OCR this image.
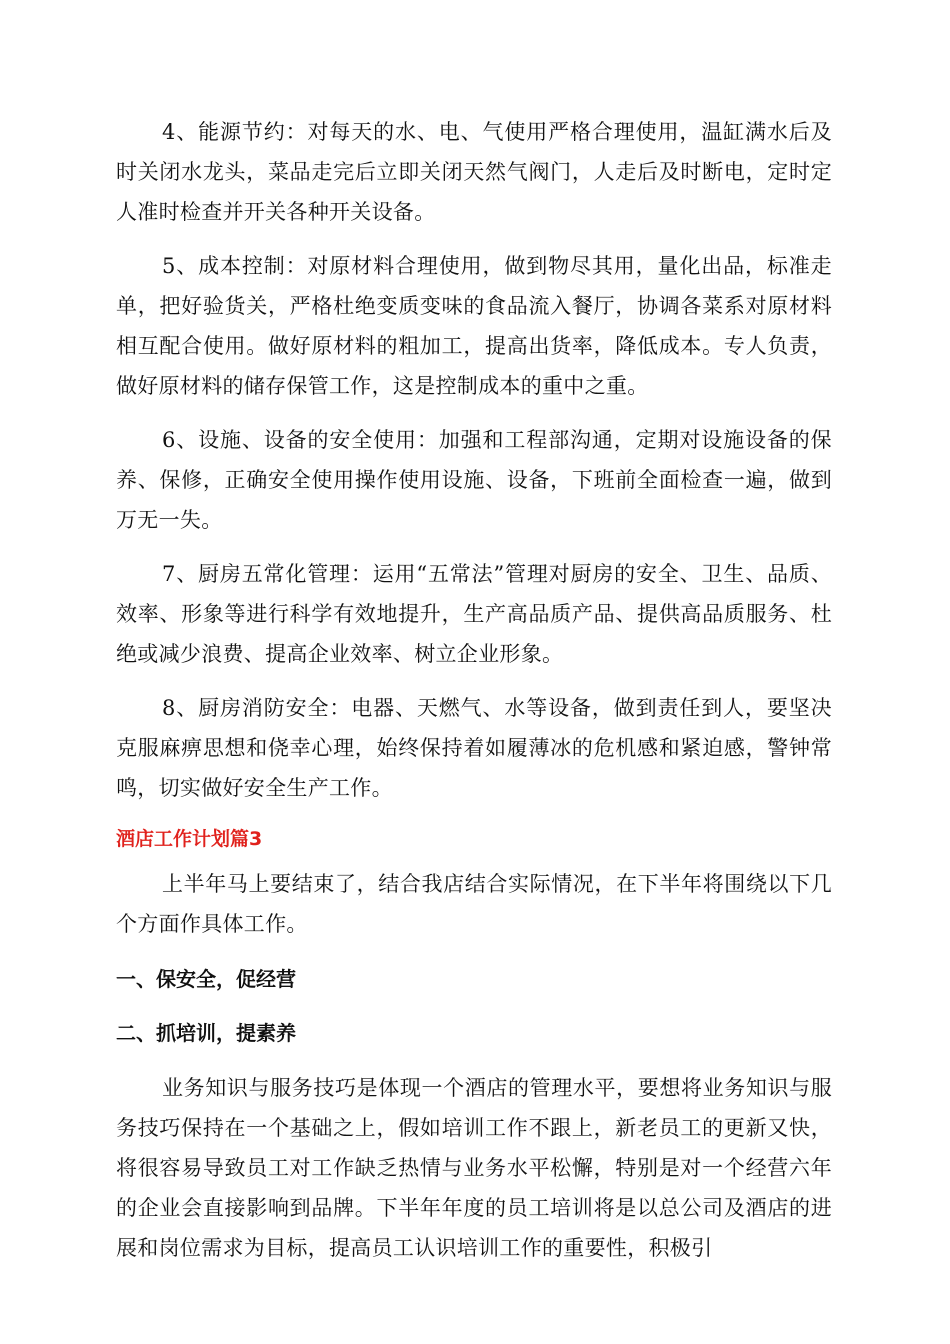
4、能源节约：对每天的水、电、气使用严格合理使用，温缸满水后及时关闭水龙头，菜品走完后立即关闭天然气阀门，人走后及时断电，定时定人准时检查并开关各种开关设备。

5、成本控制：对原材料合理使用，做到物尽其用，量化出品，标准走单，把好验货关，严格杜绝变质变味的食品流入餐厅，协调各菜系对原材料相互配合使用。做好原材料的粗加工，提高出货率，降低成本。专人负责，做好原材料的储存保管工作，这是控制成本的重中之重。

6、设施、设备的安全使用：加强和工程部沟通，定期对设施设备的保养、保修，正确安全使用操作使用设施、设备，下班前全面检查一遍，做到万无一失。

7、厨房五常化管理：运用“五常法”管理对厨房的安全、卫生、品质、效率、形象等进行科学有效地提升，生产高品质产品、提供高品质服务、杜绝或减少浪费、提高企业效率、树立企业形象。

8、厨房消防安全：电器、天燃气、水等设备，做到责任到人，要坚决克服麻痹思想和侥幸心理，始终保持着如履薄冰的危机感和紧迫感，警钟常鸣，切实做好安全生产工作。

酒店工作计划篇3

上半年马上要结束了，结合我店结合实际情况，在下半年将围绕以下几个方面作具体工作。

一、保安全，促经营
二、抓培训，提素养

业务知识与服务技巧是体现一个酒店的管理水平，要想将业务知识与服务技巧保持在一个基础之上，假如培训工作不跟上，新老员工的更新又快，将很容易导致员工对工作缺乏热情与业务水平松懈，特别是对一个经营六年的企业会直接影响到品牌。下半年年度的员工培训将是以总公司及酒店的进展和岗位需求为目标，提高员工认识培训工作的重要性，积极引
